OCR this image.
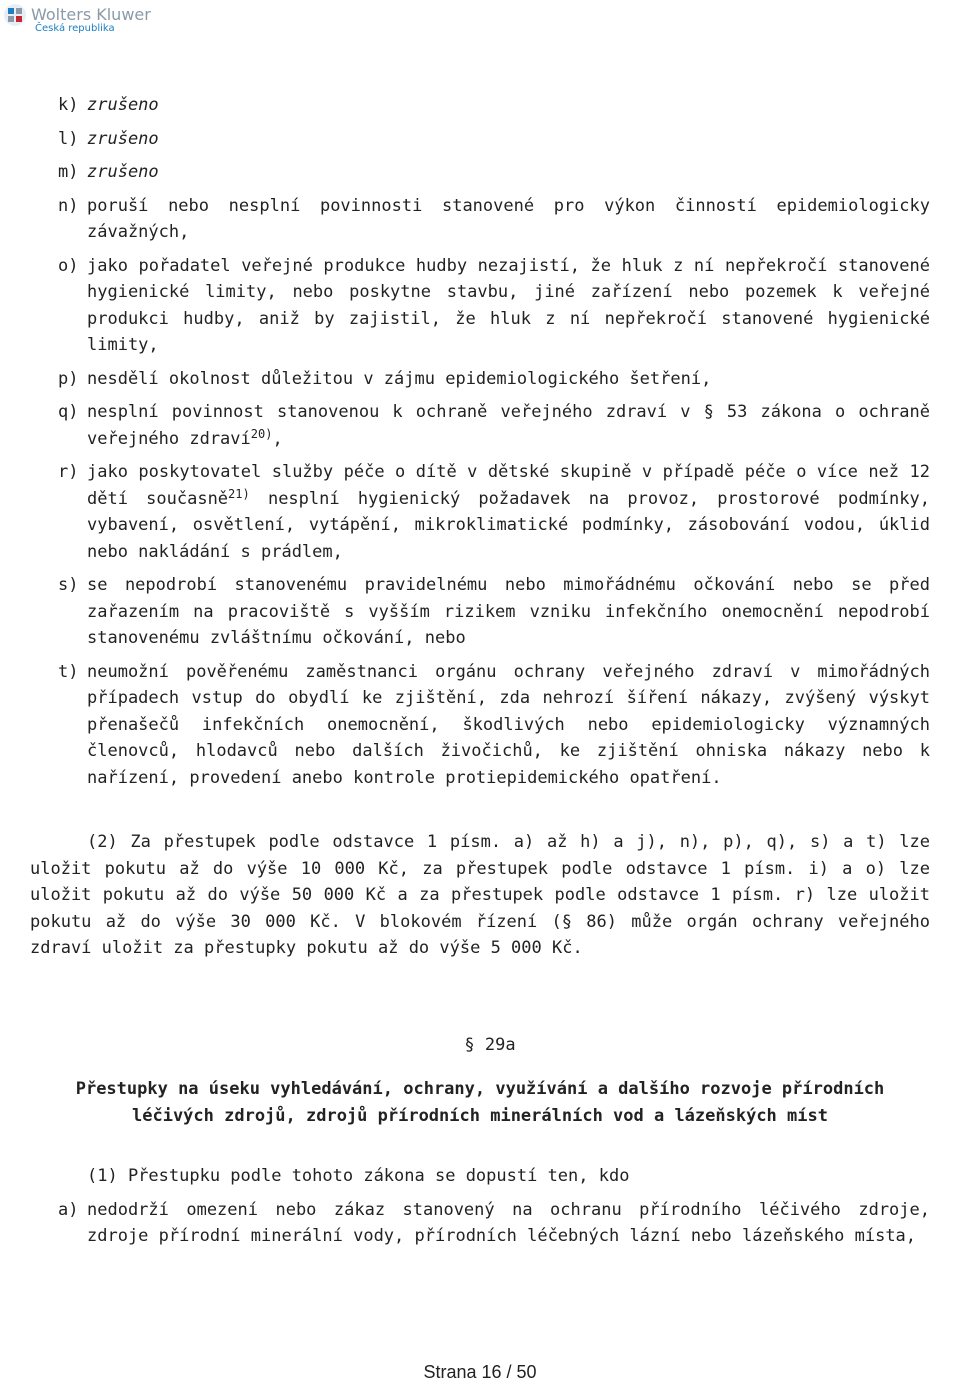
Wolters Kluwer
Česká republika
k) zrušeno
l) zrušeno
m) zrušeno
n) poruší nebo nesplní povinnosti stanovené pro výkon činností epidemiologicky závažných,
o) jako pořadatel veřejné produkce hudby nezajistí, že hluk z ní nepřekročí stanovené hygienické limity, nebo poskytne stavbu, jiné zařízení nebo pozemek k veřejné produkci hudby, aniž by zajistil, že hluk z ní nepřekročí stanovené hygienické limity,
p) nesdělí okolnost důležitou v zájmu epidemiologického šetření,
q) nesplní povinnost stanovenou k ochraně veřejného zdraví v § 53 zákona o ochraně veřejného zdraví$^{20)}$,
r) jako poskytovatel služby péče o dítě v dětské skupině v případě péče o více než 12 dětí současně$^{21)}$ nesplní hygienický požadavek na provoz, prostorové podmínky, vybavení, osvětlení, vytápění, mikroklimatické podmínky, zásobování vodou, úklid nebo nakládání s prádlem,
s) se nepodrobí stanovenému pravidelnému nebo mimořádnému očkování nebo se před zařazením na pracoviště s vyšším rizikem vzniku infekčního onemocnění nepodrobí stanovenému zvláštnímu očkování, nebo
t) neumožní pověřenému zaměstnanci orgánu ochrany veřejného zdraví v mimořádných případech vstup do obydlí ke zjištění, zda nehrozí šíření nákazy, zvýšený výskyt přenašečů infekčních onemocnění, škodlivých nebo epidemiologicky významných členovců, hlodavců nebo dalších živočichů, ke zjištění ohniska nákazy nebo k nařízení, provedení anebo kontrole protiepidemického opatření.

(2) Za přestupek podle odstavce 1 písm. a) až h) a j), n), p), q), s) a t) lze uložit pokutu až do výše 10 000 Kč, za přestupek podle odstavce 1 písm. i) a o) lze uložit pokutu až do výše 50 000 Kč a za přestupek podle odstavce 1 písm. r) lze uložit pokutu až do výše 30 000 Kč. V blokovém řízení (§ 86) může orgán ochrany veřejného zdraví uložit za přestupky pokutu až do výše 5 000 Kč.

§ 29a
Přestupky na úseku vyhledávání, ochrany, využívání a dalšího rozvoje přírodních léčivých zdrojů, zdrojů přírodních minerálních vod a lázeňských míst
(1) Přestupku podle tohoto zákona se dopustí ten, kdo
a) nedodrží omezení nebo zákaz stanovený na ochranu přírodního léčivého zdroje, zdroje přírodní minerální vody, přírodních léčebných lázní nebo lázeňského místa,
Strana 16 / 50
